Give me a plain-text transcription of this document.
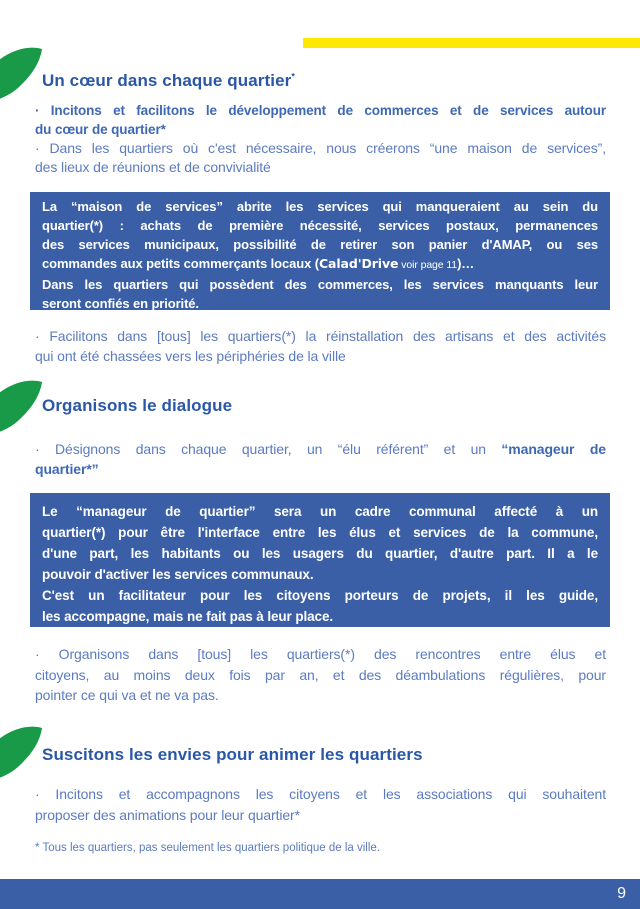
Un cœur dans chaque quartier*
· Incitons et facilitons le développement de commerces et de services autour
du cœur de quartier*
· Dans les quartiers où c'est nécessaire, nous créerons “une maison de services”,
des lieux de réunions et de convivialité
La “maison de services” abrite les services qui manqueraient au sein du
quartier(*) : achats de première nécessité, services postaux, permanences
des services municipaux, possibilité de retirer son panier d'AMAP, ou ses
commandes aux petits commerçants locaux (Calad'Drive voir page 11)…
Dans les quartiers qui possèdent des commerces, les services manquants leur
seront confiés en priorité.
· Facilitons dans [tous] les quartiers(*) la réinstallation des artisans et des activités
qui ont été chassées vers les périphéries de la ville
Organisons le dialogue
· Désignons dans chaque quartier, un “élu référent” et un “manageur de
quartier*”
Le “manageur de quartier” sera un cadre communal affecté à un
quartier(*) pour être l'interface entre les élus et services de la commune,
d'une part, les habitants ou les usagers du quartier, d'autre part. Il a le
pouvoir d'activer les services communaux.
C'est un facilitateur pour les citoyens porteurs de projets, il les guide,
les accompagne, mais ne fait pas à leur place.
· Organisons dans [tous] les quartiers(*) des rencontres entre élus et
citoyens, au moins deux fois par an, et des déambulations régulières, pour
pointer ce qui va et ne va pas.
Suscitons les envies pour animer les quartiers
· Incitons et accompagnons les citoyens et les associations qui souhaitent
proposer des animations pour leur quartier*
* Tous les quartiers, pas seulement les quartiers politique de la ville.
9
